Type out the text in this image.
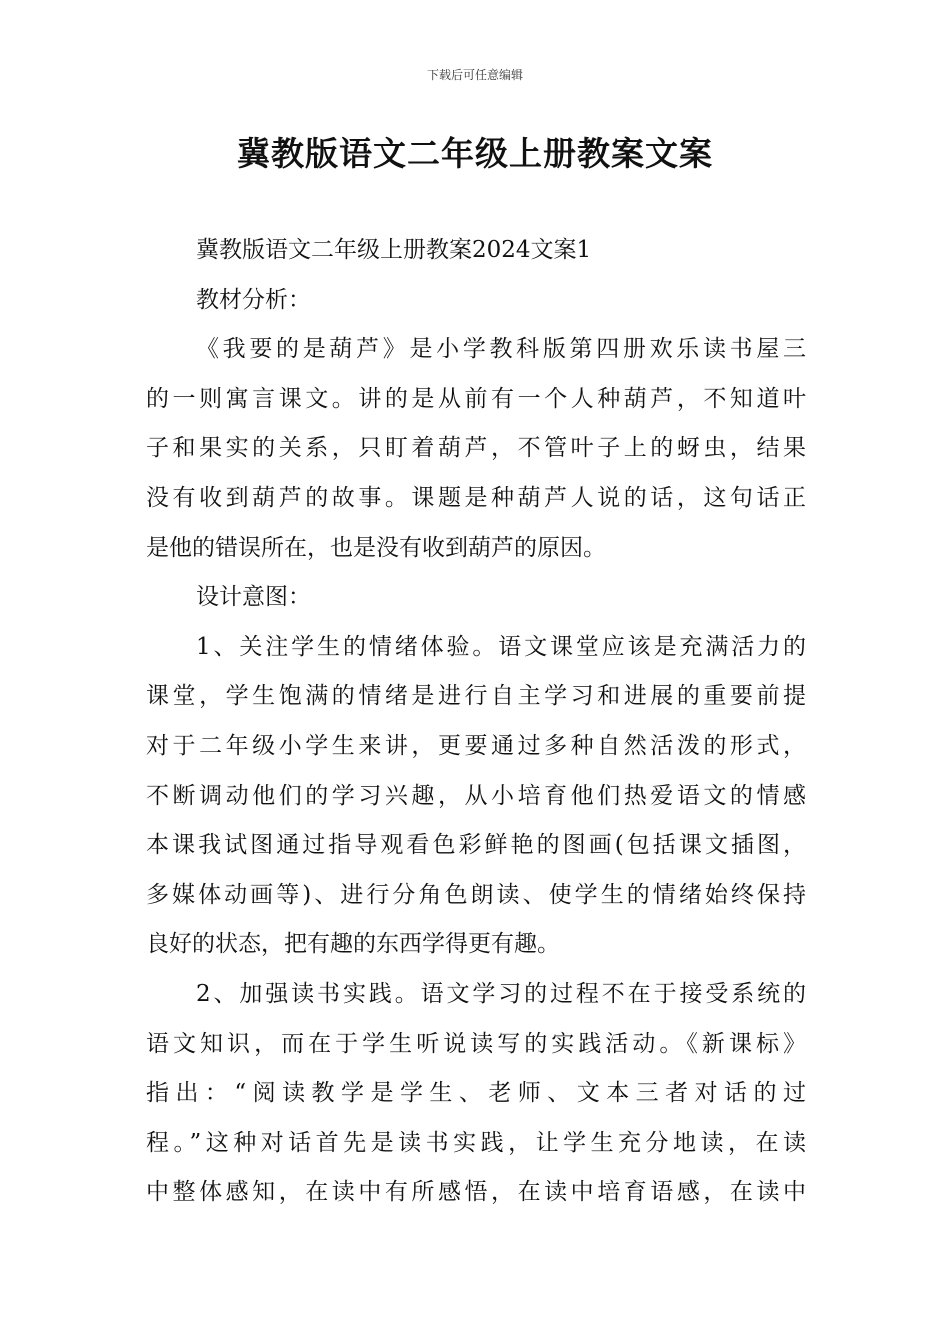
下载后可任意编辑
冀教版语文二年级上册教案文案
冀教版语文二年级上册教案2024文案1
教材分析：
《我要的是葫芦》是小学教科版第四册欢乐读书屋三
的一则寓言课文。讲的是从前有一个人种葫芦，不知道叶
子和果实的关系，只盯着葫芦，不管叶子上的蚜虫，结果
没有收到葫芦的故事。课题是种葫芦人说的话，这句话正
是他的错误所在，也是没有收到葫芦的原因。
设计意图：
1、关注学生的情绪体验。语文课堂应该是充满活力的
课堂，学生饱满的情绪是进行自主学习和进展的重要前提
对于二年级小学生来讲，更要通过多种自然活泼的形式，
不断调动他们的学习兴趣，从小培育他们热爱语文的情感
本课我试图通过指导观看色彩鲜艳的图画(包括课文插图，
多媒体动画等)、进行分角色朗读、使学生的情绪始终保持
良好的状态，把有趣的东西学得更有趣。
2、加强读书实践。语文学习的过程不在于接受系统的
语文知识，而在于学生听说读写的实践活动。《新课标》
指出：“阅读教学是学生、老师、文本三者对话的过
程。”这种对话首先是读书实践，让学生充分地读，在读
中整体感知，在读中有所感悟，在读中培育语感，在读中
